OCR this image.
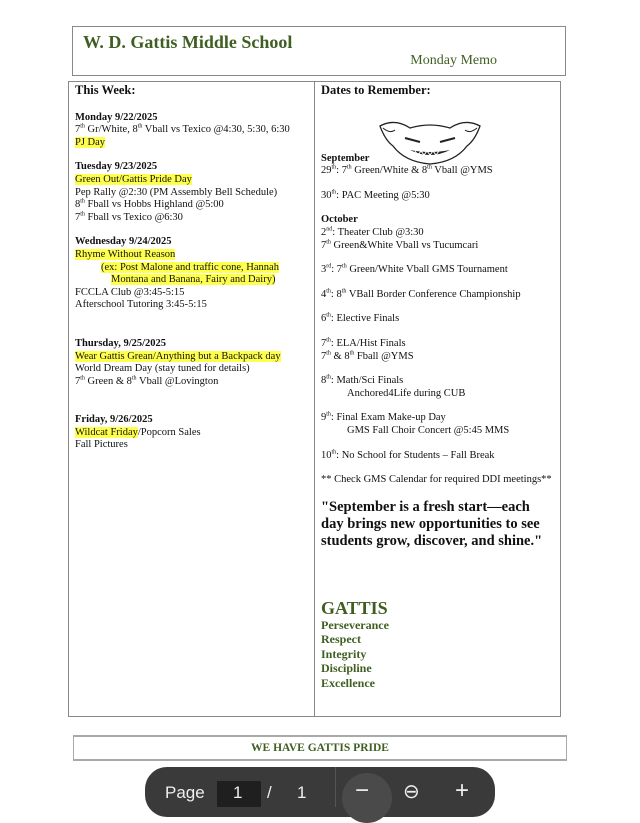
W. D. Gattis Middle School
Monday Memo
This Week:
Monday 9/22/2025
7th Gr/White, 8th Vball vs Texico @4:30, 5:30, 6:30
PJ Day
Tuesday 9/23/2025
Green Out/Gattis Pride Day
Pep Rally @2:30 (PM Assembly Bell Schedule)
8th Fball vs Hobbs Highland @5:00
7th Fball vs Texico @6:30
Wednesday 9/24/2025
Rhyme Without Reason
(ex: Post Malone and traffic cone, Hannah
Montana and Banana, Fairy and Dairy)
FCCLA Club @3:45-5:15
Afterschool Tutoring 3:45-5:15
Thursday, 9/25/2025
Wear Gattis Grean/Anything but a Backpack day
World Dream Day (stay tuned for details)
7th Green & 8th Vball @Lovington
Friday, 9/26/2025
Wildcat Friday/Popcorn Sales
Fall Pictures
Dates to Remember:
September
29th: 7th Green/White & 8th Vball @YMS
30th: PAC Meeting @5:30
October
2nd: Theater Club @3:30
7th Green&White Vball vs Tucumcari
3rd: 7th Green/White Vball GMS Tournament
4th: 8th VBall Border Conference Championship
6th: Elective Finals
7th: ELA/Hist Finals
7th & 8th Fball @YMS
8th: Math/Sci Finals
Anchored4Life during CUB
9th: Final Exam Make-up Day
GMS Fall Choir Concert @5:45 MMS
10th: No School for Students – Fall Break
** Check GMS Calendar for required DDI meetings**
"September is a fresh start—each day brings new opportunities to see students grow, discover, and shine."
GATTIS
Perseverance
Respect
Integrity
Discipline
Excellence
WE HAVE GATTIS PRIDE
Page 1 / 1 − ⊖ +
